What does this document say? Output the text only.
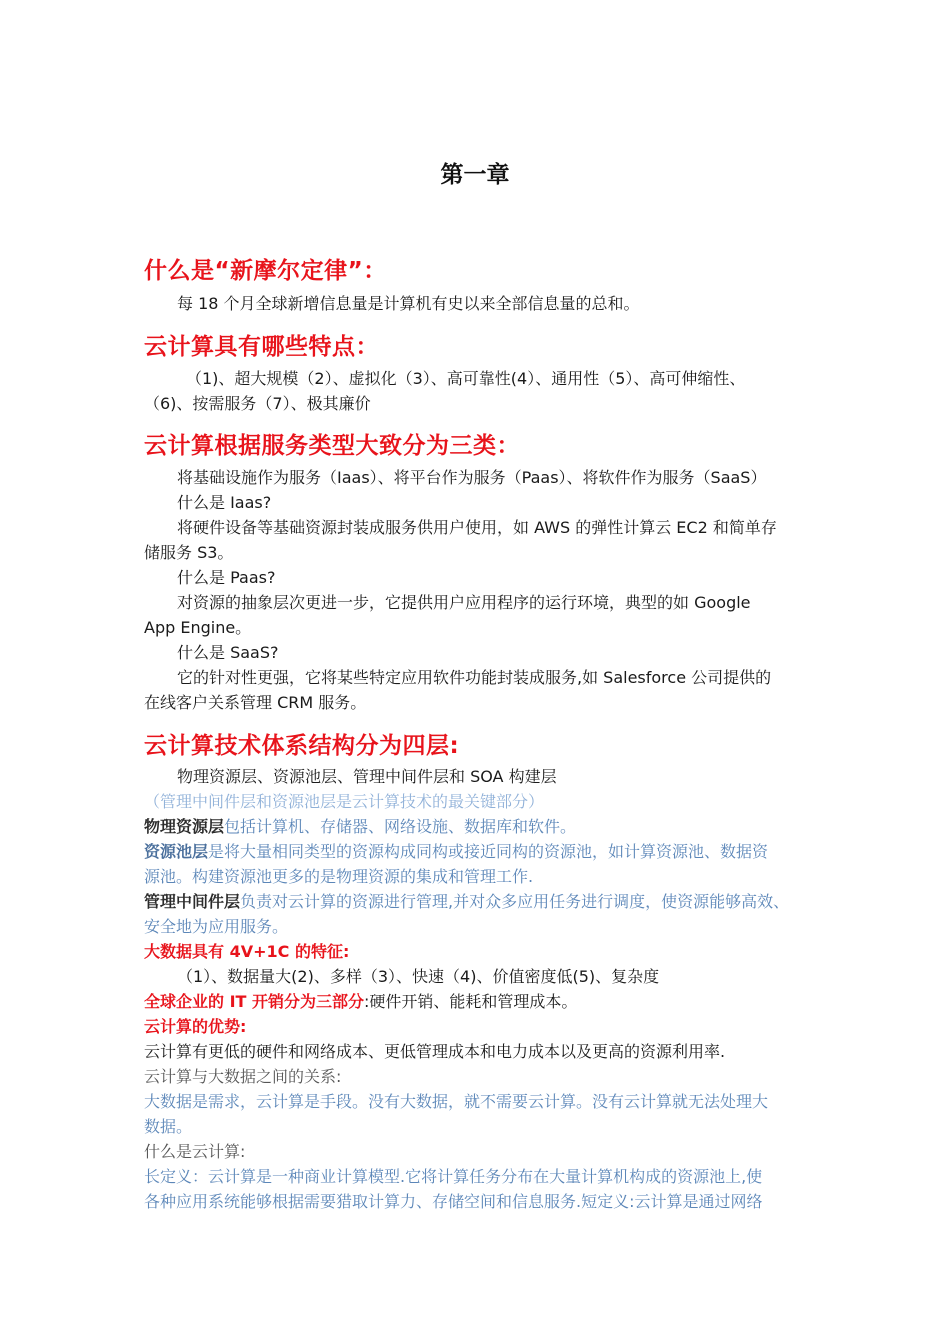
第一章
什么是“新摩尔定律”：
每 18 个月全球新增信息量是计算机有史以来全部信息量的总和。
云计算具有哪些特点：
（1)、超大规模（2）、虚拟化（3）、高可靠性(4）、通用性（5）、高可伸缩性、
（6)、按需服务（7）、极其廉价
云计算根据服务类型大致分为三类：
将基础设施作为服务（Iaas）、将平台作为服务（Paas）、将软件作为服务（SaaS）
什么是 Iaas?
将硬件设备等基础资源封装成服务供用户使用，如 AWS 的弹性计算云 EC2 和简单存
储服务 S3。
什么是 Paas?
对资源的抽象层次更进一步，它提供用户应用程序的运行环境，典型的如 Google
App Engine。
什么是 SaaS?
它的针对性更强，它将某些特定应用软件功能封装成服务,如 Salesforce 公司提供的
在线客户关系管理 CRM 服务。
云计算技术体系结构分为四层:
物理资源层、资源池层、管理中间件层和 SOA 构建层
（管理中间件层和资源池层是云计算技术的最关键部分）
物理资源层包括计算机、存储器、网络设施、数据库和软件。
资源池层是将大量相同类型的资源构成同构或接近同构的资源池，如计算资源池、数据资
源池。构建资源池更多的是物理资源的集成和管理工作.
管理中间件层负责对云计算的资源进行管理,并对众多应用任务进行调度，使资源能够高效、
安全地为应用服务。
大数据具有 4V+1C 的特征:
（1）、数据量大(2)、多样（3）、快速（4)、价值密度低(5)、复杂度
全球企业的 IT 开销分为三部分:硬件开销、能耗和管理成本。
云计算的优势:
云计算有更低的硬件和网络成本、更低管理成本和电力成本以及更高的资源利用率.
云计算与大数据之间的关系:
大数据是需求，云计算是手段。没有大数据，就不需要云计算。没有云计算就无法处理大
数据。
什么是云计算:
长定义：云计算是一种商业计算模型.它将计算任务分布在大量计算机构成的资源池上,使
各种应用系统能够根据需要猎取计算力、存储空间和信息服务.短定义:云计算是通过网络
